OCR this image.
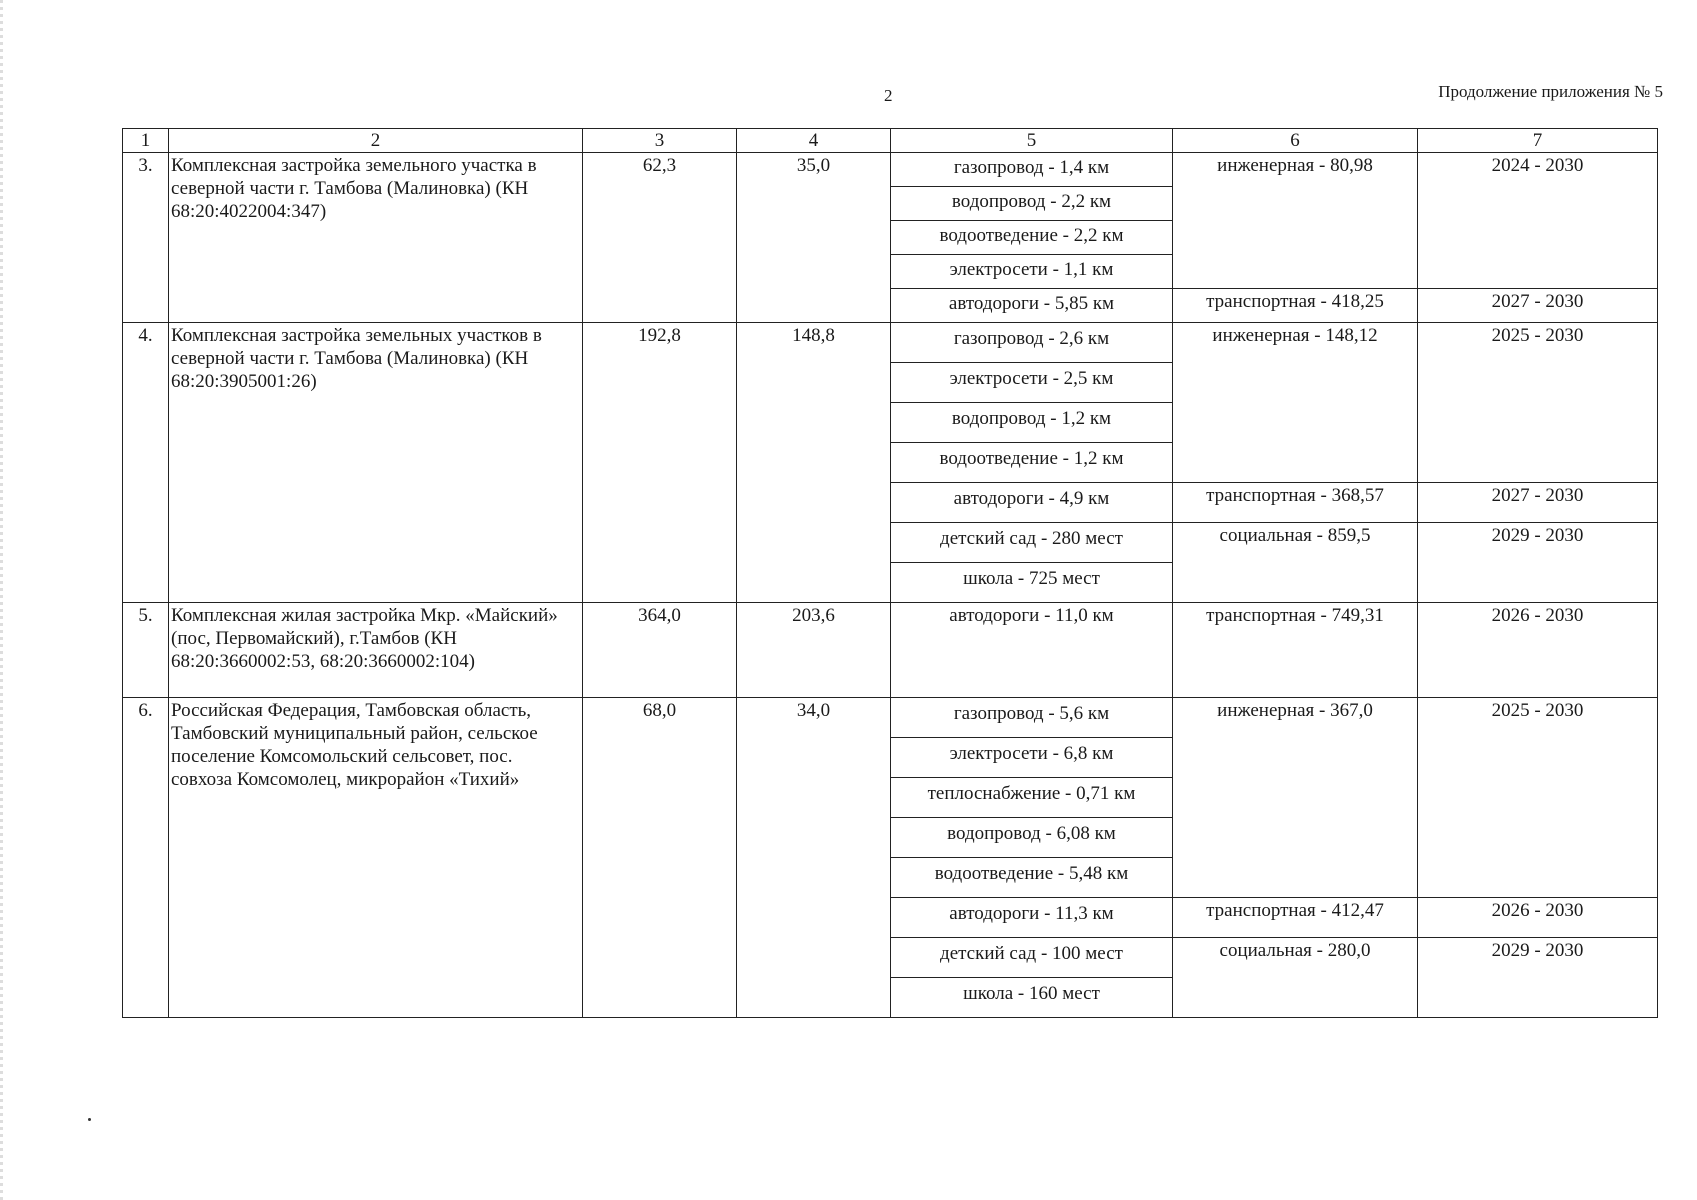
2	Продолжение приложения № 5
1	2	3	4	5	6	7
3.	Комплексная застройка земельного участка в северной части г. Тамбова (Малиновка) (КН 68:20:4022004:347)	62,3	35,0	газопровод - 1,4 км	инженерная - 80,98	2024 - 2030
				водопровод - 2,2 км		
				водоотведение - 2,2 км		
				электросети - 1,1 км		
				автодороги - 5,85 км	транспортная - 418,25	2027 - 2030
4.	Комплексная застройка земельных участков в северной части г. Тамбова (Малиновка) (КН 68:20:3905001:26)	192,8	148,8	газопровод - 2,6 км	инженерная - 148,12	2025 - 2030
				электросети - 2,5 км		
				водопровод - 1,2 км		
				водоотведение - 1,2 км		
				автодороги - 4,9 км	транспортная - 368,57	2027 - 2030
				детский сад - 280 мест	социальная - 859,5	2029 - 2030
				школа - 725 мест		
5.	Комплексная жилая застройка Мкр. «Майский» (пос, Первомайский), г.Тамбов (КН 68:20:3660002:53, 68:20:3660002:104)	364,0	203,6	автодороги - 11,0 км	транспортная - 749,31	2026 - 2030
6.	Российская Федерация, Тамбовская область, Тамбовский муниципальный район, сельское поселение Комсомольский сельсовет, пос. совхоза Комсомолец, микрорайон «Тихий»	68,0	34,0	газопровод - 5,6 км	инженерная - 367,0	2025 - 2030
				электросети - 6,8 км		
				теплоснабжение - 0,71 км		
				водопровод - 6,08 км		
				водоотведение - 5,48 км		
				автодороги - 11,3 км	транспортная - 412,47	2026 - 2030
				детский сад - 100 мест	социальная - 280,0	2029 - 2030
				школа - 160 мест		
